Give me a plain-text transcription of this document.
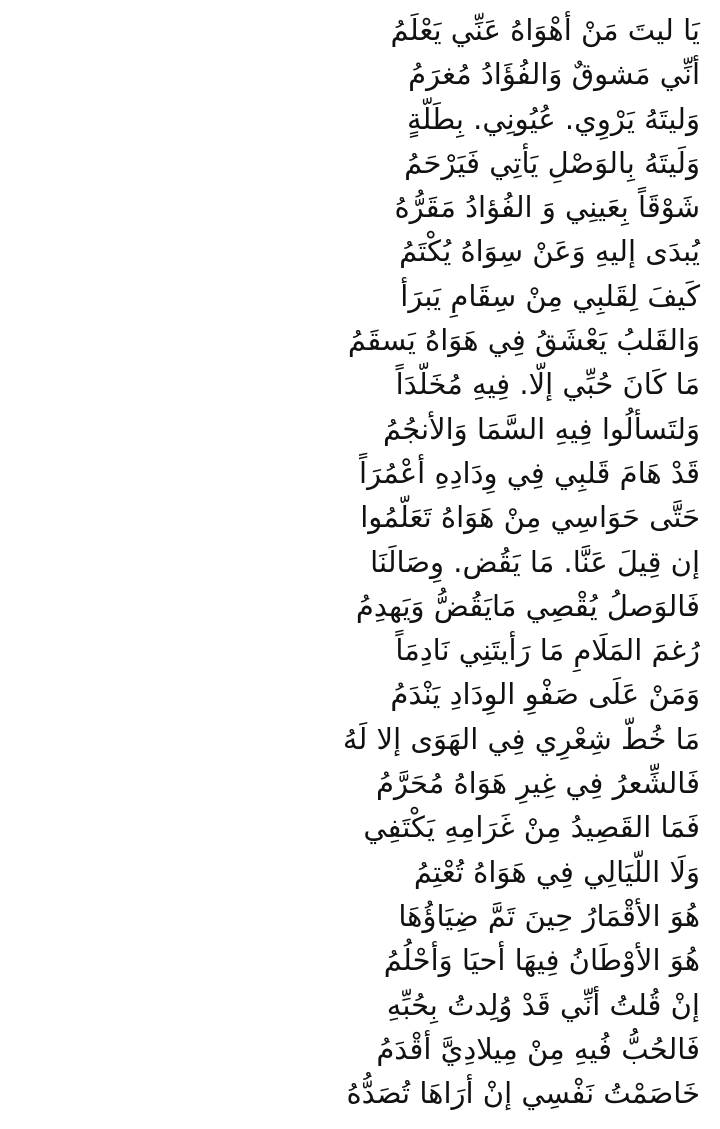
يَا ليتَ مَنْ أهْوَاهُ عَنِّي يَعْلَمُ
أنِّي مَشوقٌ وَالفُؤَادُ مُغرَمُ
وَليتَهُ يَرْوِي. عُيُونِي. بِطَلَّةٍ
وَلَيتَهُ بِالوَصْلِ يَأتِي فَيَرْحَمُ
شَوْقَاً بِعَينِي وَ الفُؤادُ مَقَرُّهُ
يُبدَى إليهِ وَعَنْ سِوَاهُ يُكْتَمُ
كَيفَ لِقَلبِي مِنْ سِقَامٍ يَبرَأ
وَالقَلبُ يَعْشَقُ فِي هَوَاهُ يَسقَمُ
مَا كَانَ حُبِّي إلَّا. فِيهِ مُخَلَّدَاً
وَلتَسألُوا فِيهِ السَّمَا وَالأنجُمُ
قَدْ هَامَ قَلبِي فِي وِدَادِهِ أعْمُرَاً
حَتَّى حَوَاسِي مِنْ هَوَاهُ تَعَلَّمُوا
إن قِيلَ عَنَّا. مَا يَقُض. وِصَالَنَا
فَالوَصلُ يُقْصِي مَايَقُضُّ وَيَهدِمُ
رُغمَ المَلَامِ مَا رَأيتَنِي نَادِمَاً
وَمَنْ عَلَى صَفْوِ الوِدَادِ يَنْدَمُ
مَا خُطَّ شِعْرِي فِي الهَوَى إلا لَهُ
فَالشِّعرُ فِي غِيرِ هَوَاهُ مُحَرَّمُ
فَمَا القَصِيدُ مِنْ غَرَامِهِ يَكْتَفِي
وَلَا اللَّيَالِي فِي هَوَاهُ تُعْتِمُ
هُوَ الأقْمَارُ حِينَ تَمَّ ضِيَاؤُهَا
هُوَ الأوْطَانُ فِيهَا أحيَا وَأحْلُمُ
إنْ قُلتُ أنِّي قَدْ وُلِدتُ بِحُبِّهِ
فَالحُبُّ فُيهِ مِنْ مِيلادِيَّ أقْدَمُ
خَاصَمْتُ نَفْسِي إنْ أرَاهَا تُصَدُّهُ
